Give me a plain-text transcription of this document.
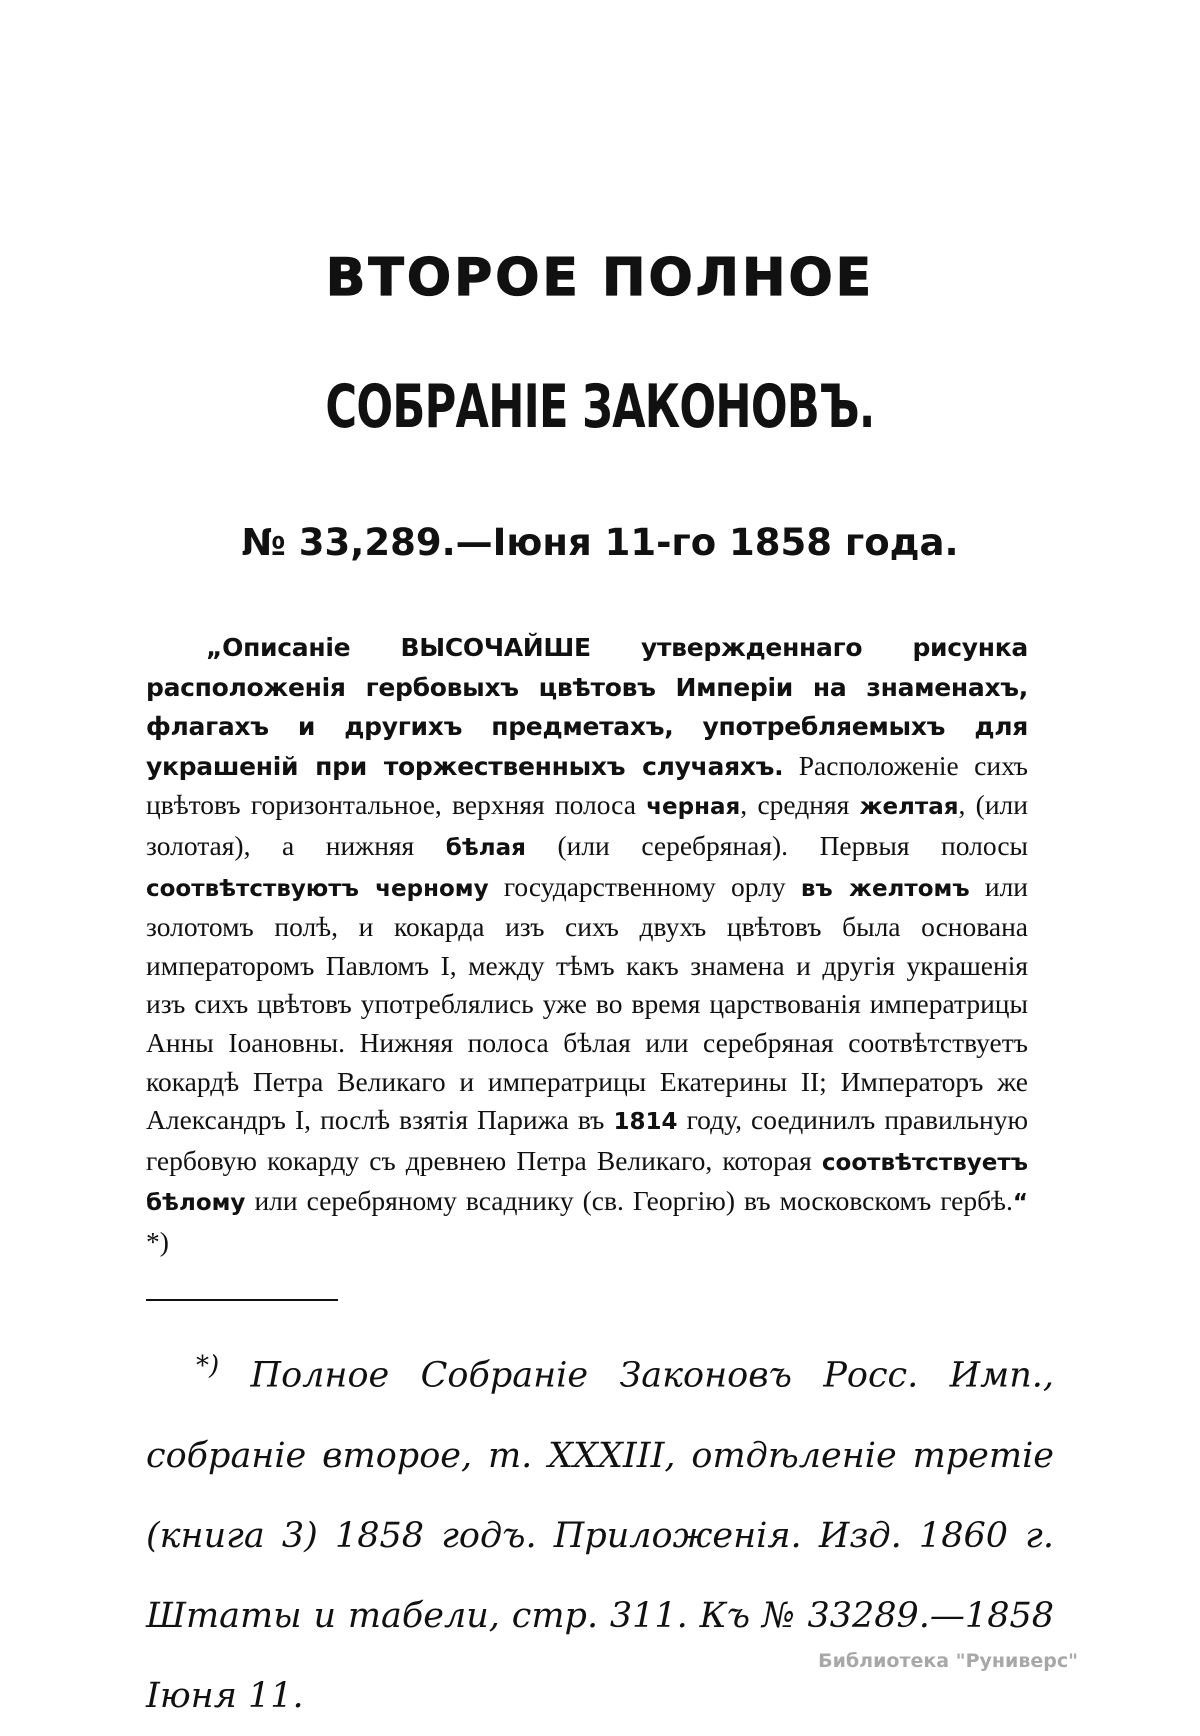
ВТОРОЕ ПОЛНОЕ
СОБРАНІЕ ЗАКОНОВЪ.
№ 33,289.—Іюня 11-го 1858 года.
„Описаніе ВЫСОЧАЙШЕ утвержденнаго рисунка расположенія гербовыхъ цвѣтовъ Имперіи на знаменахъ, флагахъ и другихъ предметахъ, употребляемыхъ для украшеній при торжественныхъ случаяхъ. Расположеніе сихъ цвѣтовъ горизонтальное, верхняя полоса черная, средняя желтая, (или золотая), а нижняя бѣлая (или серебряная). Первыя полосы соотвѣтствуютъ черному государственному орлу въ желтомъ или золотомъ полѣ, и кокарда изъ сихъ двухъ цвѣтовъ была основана императоромъ Павломъ I, между тѣмъ какъ знамена и другія украшенія изъ сихъ цвѣтовъ употреблялись уже во время царствованія императрицы Анны Іоановны. Нижняя полоса бѣлая или серебряная соотвѣтствуетъ кокардѣ Петра Великаго и императрицы Екатерины II; Императоръ же Александръ I, послѣ взятія Парижа въ 1814 году, соединилъ правильную гербовую кокарду съ древнею Петра Великаго, которая соотвѣтствуетъ бѣлому или серебряному всаднику (св. Георгію) въ московскомъ гербѣ.“ *)
*) Полное Собраніе Законовъ Росс. Имп., собраніе второе, т. XXXIII, отдѣленіе третіе (книга 3) 1858 годъ. Приложенія. Изд. 1860 г. Штаты и табели, стр. 311. Къ № 33289.—1858 Іюня 11.
Библиотека "Руниверс"
